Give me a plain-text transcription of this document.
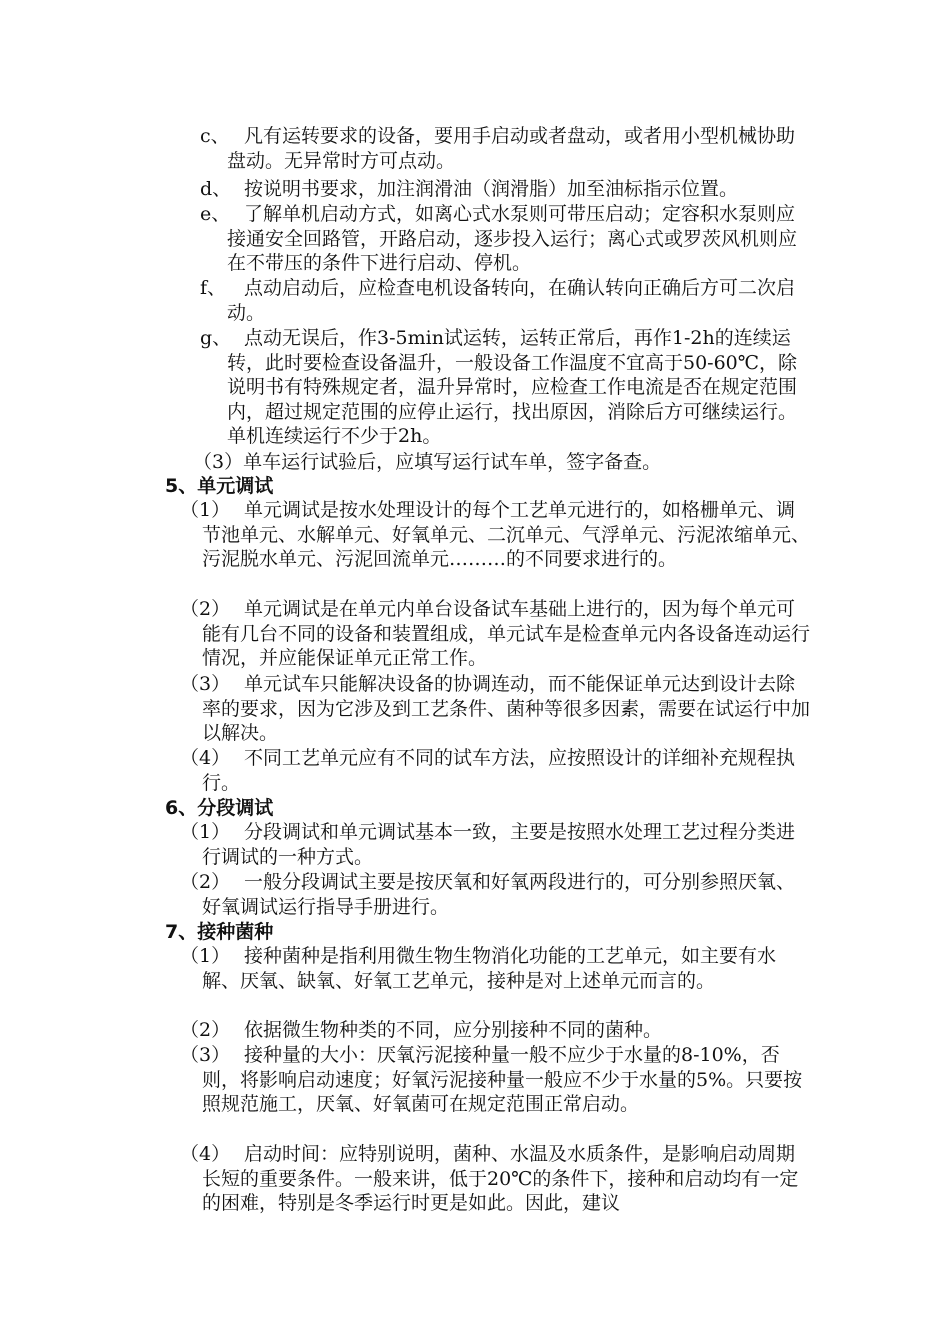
c、 凡有运转要求的设备，要用手启动或者盘动，或者用小型机械协助盘动。无异常时方可点动。
d、 按说明书要求，加注润滑油（润滑脂）加至油标指示位置。
e、 了解单机启动方式，如离心式水泵则可带压启动；定容积水泵则应接通安全回路管，开路启动，逐步投入运行；离心式或罗茨风机则应在不带压的条件下进行启动、停机。
f、 点动启动后，应检查电机设备转向，在确认转向正确后方可二次启动。
g、 点动无误后，作3-5min试运转，运转正常后，再作1-2h的连续运转，此时要检查设备温升，一般设备工作温度不宜高于50-60℃，除说明书有特殊规定者，温升异常时，应检查工作电流是否在规定范围内，超过规定范围的应停止运行，找出原因，消除后方可继续运行。单机连续运行不少于2h。
（3）单车运行试验后，应填写运行试车单，签字备查。
5、单元调试
（1） 单元调试是按水处理设计的每个工艺单元进行的，如格栅单元、调节池单元、水解单元、好氧单元、二沉单元、气浮单元、污泥浓缩单元、污泥脱水单元、污泥回流单元………的不同要求进行的。
（2） 单元调试是在单元内单台设备试车基础上进行的，因为每个单元可能有几台不同的设备和装置组成，单元试车是检查单元内各设备连动运行情况，并应能保证单元正常工作。
（3） 单元试车只能解决设备的协调连动，而不能保证单元达到设计去除率的要求，因为它涉及到工艺条件、菌种等很多因素，需要在试运行中加以解决。
（4） 不同工艺单元应有不同的试车方法，应按照设计的详细补充规程执行。
6、分段调试
（1） 分段调试和单元调试基本一致，主要是按照水处理工艺过程分类进行调试的一种方式。
（2） 一般分段调试主要是按厌氧和好氧两段进行的，可分别参照厌氧、好氧调试运行指导手册进行。
7、接种菌种
（1） 接种菌种是指利用微生物生物消化功能的工艺单元，如主要有水解、厌氧、缺氧、好氧工艺单元，接种是对上述单元而言的。
（2） 依据微生物种类的不同，应分别接种不同的菌种。
（3） 接种量的大小：厌氧污泥接种量一般不应少于水量的8-10%，否则，将影响启动速度；好氧污泥接种量一般应不少于水量的5%。只要按照规范施工，厌氧、好氧菌可在规定范围正常启动。
（4） 启动时间：应特别说明，菌种、水温及水质条件，是影响启动周期长短的重要条件。一般来讲，低于20℃的条件下，接种和启动均有一定的困难，特别是冬季运行时更是如此。因此，建议
